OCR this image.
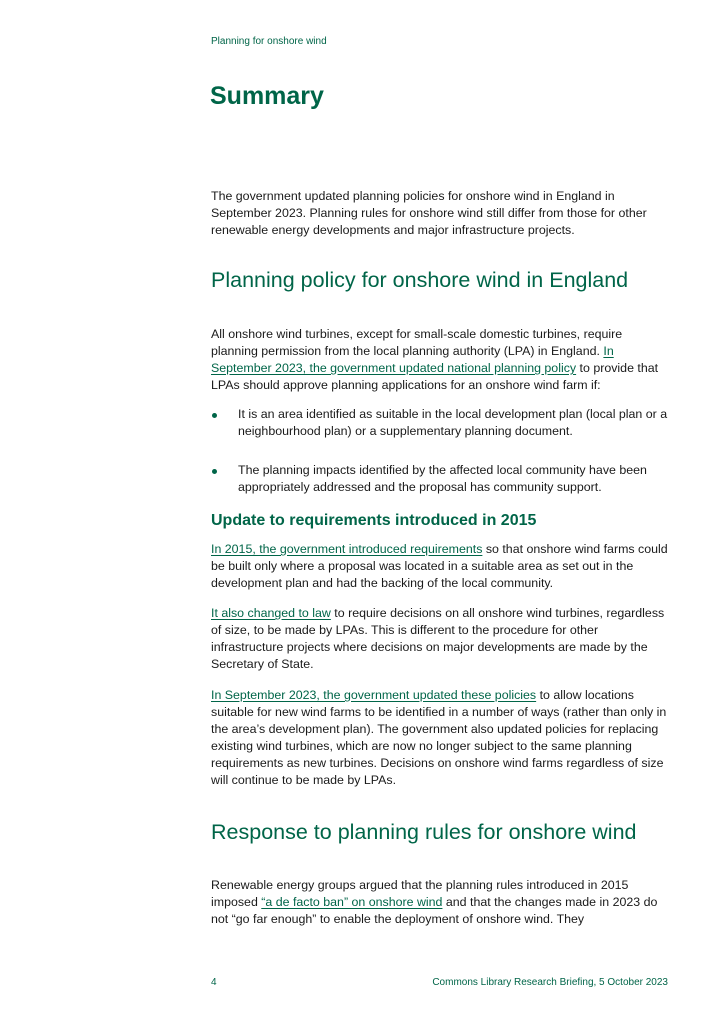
Planning for onshore wind
Summary

The government updated planning policies for onshore wind in England in September 2023. Planning rules for onshore wind still differ from those for other renewable energy developments and major infrastructure projects.

Planning policy for onshore wind in England

All onshore wind turbines, except for small-scale domestic turbines, require planning permission from the local planning authority (LPA) in England. In September 2023, the government updated national planning policy to provide that LPAs should approve planning applications for an onshore wind farm if:

It is an area identified as suitable in the local development plan (local plan or a neighbourhood plan) or a supplementary planning document.
The planning impacts identified by the affected local community have been appropriately addressed and the proposal has community support.
Update to requirements introduced in 2015

In 2015, the government introduced requirements so that onshore wind farms could be built only where a proposal was located in a suitable area as set out in the development plan and had the backing of the local community.

It also changed to law to require decisions on all onshore wind turbines, regardless of size, to be made by LPAs. This is different to the procedure for other infrastructure projects where decisions on major developments are made by the Secretary of State.

In September 2023, the government updated these policies to allow locations suitable for new wind farms to be identified in a number of ways (rather than only in the area’s development plan). The government also updated policies for replacing existing wind turbines, which are now no longer subject to the same planning requirements as new turbines. Decisions on onshore wind farms regardless of size will continue to be made by LPAs.

Response to planning rules for onshore wind

Renewable energy groups argued that the planning rules introduced in 2015 imposed “a de facto ban” on onshore wind and that the changes made in 2023 do not “go far enough” to enable the deployment of onshore wind. They

4	Commons Library Research Briefing, 5 October 2023
